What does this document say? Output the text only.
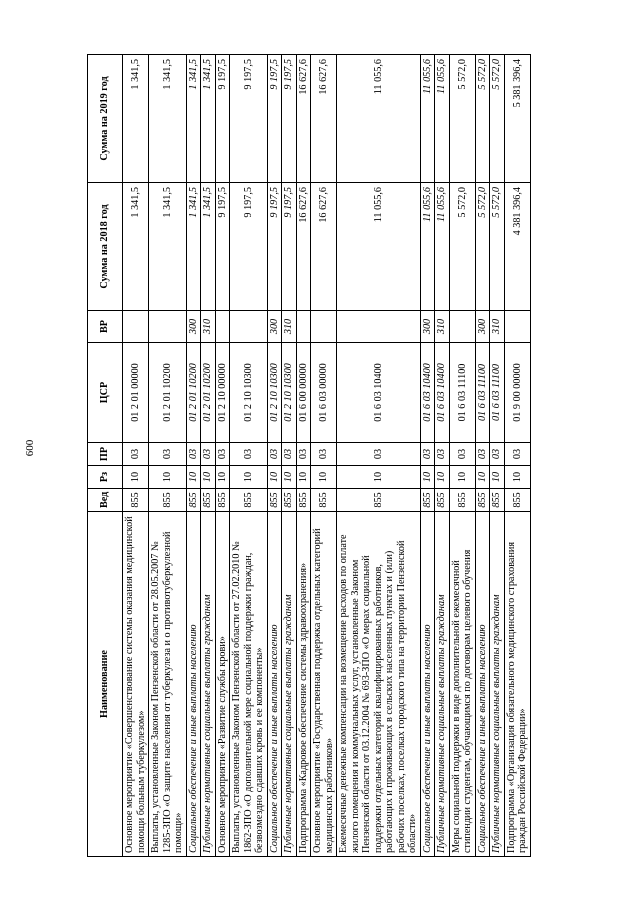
600
Наименование	Вед	Рз	ПР	ЦСР	ВР	Сумма на 2018 год	Сумма на 2019 год
Основное мероприятие «Совершенствование системы оказания медицинской помощи больным туберкулезом»	855	10	03	01 2 01 00000		1 341,5	1 341,5
Выплаты, установленные Законом Пензенской области от 28.05.2007 № 1285-ЗПО «О защите населения от туберкулеза и о противотуберкулезной помощи»	855	10	03	01 2 01 10200		1 341,5	1 341,5
Социальное обеспечение и иные выплаты населению	855	10	03	01 2 01 10200	300	1 341,5	1 341,5
Публичные нормативные социальные выплаты гражданам	855	10	03	01 2 01 10200	310	1 341,5	1 341,5
Основное мероприятие «Развитие службы крови»	855	10	03	01 2 10 00000		9 197,5	9 197,5
Выплаты, установленные Законом Пензенской области от 27.02.2010 № 1862-ЗПО «О дополнительной мере социальной поддержки граждан, безвозмездно сдавших кровь и ее компоненты»	855	10	03	01 2 10 10300		9 197,5	9 197,5
Социальное обеспечение и иные выплаты населению	855	10	03	01 2 10 10300	300	9 197,5	9 197,5
Публичные нормативные социальные выплаты гражданам	855	10	03	01 2 10 10300	310	9 197,5	9 197,5
Подпрограмма «Кадровое обеспечение системы здравоохранения»	855	10	03	01 6 00 00000		16 627,6	16 627,6
Основное мероприятие «Государственная поддержка отдельных категорий медицинских работников»	855	10	03	01 6 03 00000		16 627,6	16 627,6
Ежемесячные денежные компенсации на возмещение расходов по оплате жилого помещения и коммунальных услуг, установленные Законом Пензенской области от 03.12.2004 № 693-ЗПО «О мерах социальной поддержки отдельных категорий квалифицированных работников, работающих и проживающих в сельских населенных пунктах и (или) рабочих поселках, поселках городского типа на территории Пензенской области»	855	10	03	01 6 03 10400		11 055,6	11 055,6
Социальное обеспечение и иные выплаты населению	855	10	03	01 6 03 10400	300	11 055,6	11 055,6
Публичные нормативные социальные выплаты гражданам	855	10	03	01 6 03 10400	310	11 055,6	11 055,6
Меры социальной поддержки в виде дополнительной ежемесячной стипендии студентам, обучающимся по договорам целевого обучения	855	10	03	01 6 03 11100		5 572,0	5 572,0
Социальное обеспечение и иные выплаты населению	855	10	03	01 6 03 11100	300	5 572,0	5 572,0
Публичные нормативные социальные выплаты гражданам	855	10	03	01 6 03 11100	310	5 572,0	5 572,0
Подпрограмма «Организация обязательного медицинского страхования граждан Российской Федерации»	855	10	03	01 9 00 00000		4 381 396,4	5 381 396,4
